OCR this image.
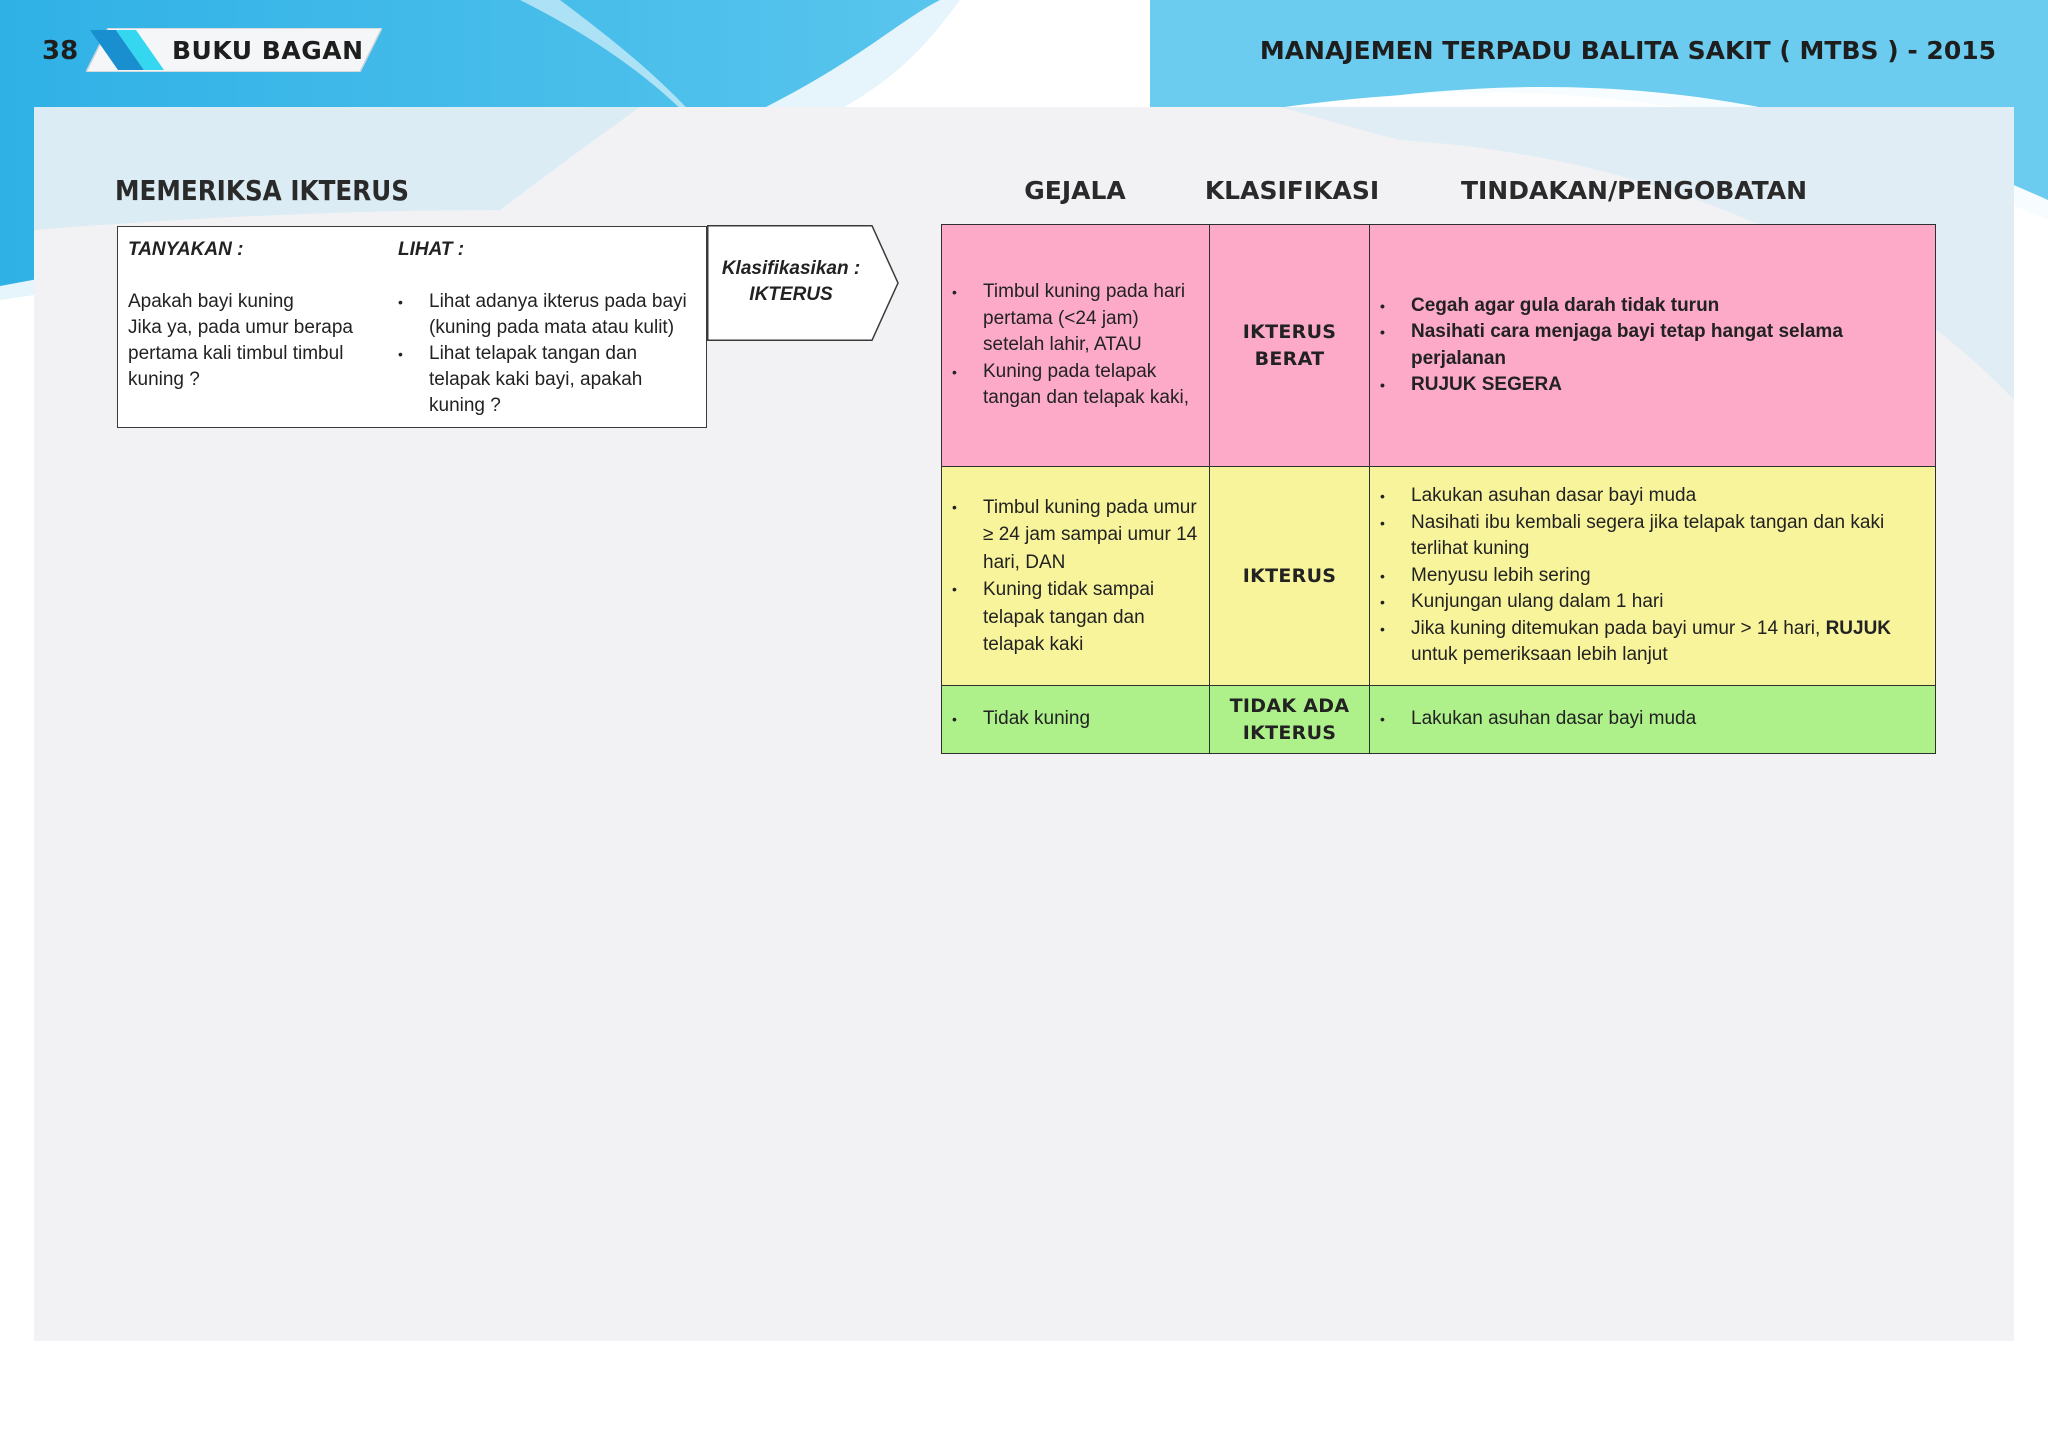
38	BUKU BAGAN	MANAJEMEN TERPADU BALITA SAKIT ( MTBS ) - 2015
MEMERIKSA IKTERUS	GEJALA	KLASIFIKASI	TINDAKAN/PENGOBATAN
TANYAKAN :
Apakah bayi kuning
Jika ya, pada umur berapa pertama kali timbul timbul kuning ?
LIHAT :
• Lihat adanya ikterus pada bayi (kuning pada mata atau kulit)
• Lihat telapak tangan dan telapak kaki bayi, apakah kuning ?
Klasifikasikan :
IKTERUS
•	Timbul kuning pada hari pertama (<24 jam) setelah lahir, ATAU
• Kuning pada telapak tangan dan telapak kaki,
	IKTERUS BERAT	
• Cegah agar gula darah tidak turun
• Nasihati cara menjaga bayi tetap hangat selama perjalanan
• RUJUK SEGERA

• Timbul kuning pada umur ≥ 24 jam sampai umur 14 hari, DAN
• Kuning tidak sampai telapak tangan dan telapak kaki
	IKTERUS	
• Lakukan asuhan dasar bayi muda
• Nasihati ibu kembali segera jika telapak tangan dan kaki terlihat kuning
• Menyusu lebih sering
• Kunjungan ulang dalam 1 hari
• Jika kuning ditemukan pada bayi umur > 14 hari, RUJUK untuk pemeriksaan lebih lanjut

• Tidak kuning
	TIDAK ADA IKTERUS	
• Lakukan asuhan dasar bayi muda
